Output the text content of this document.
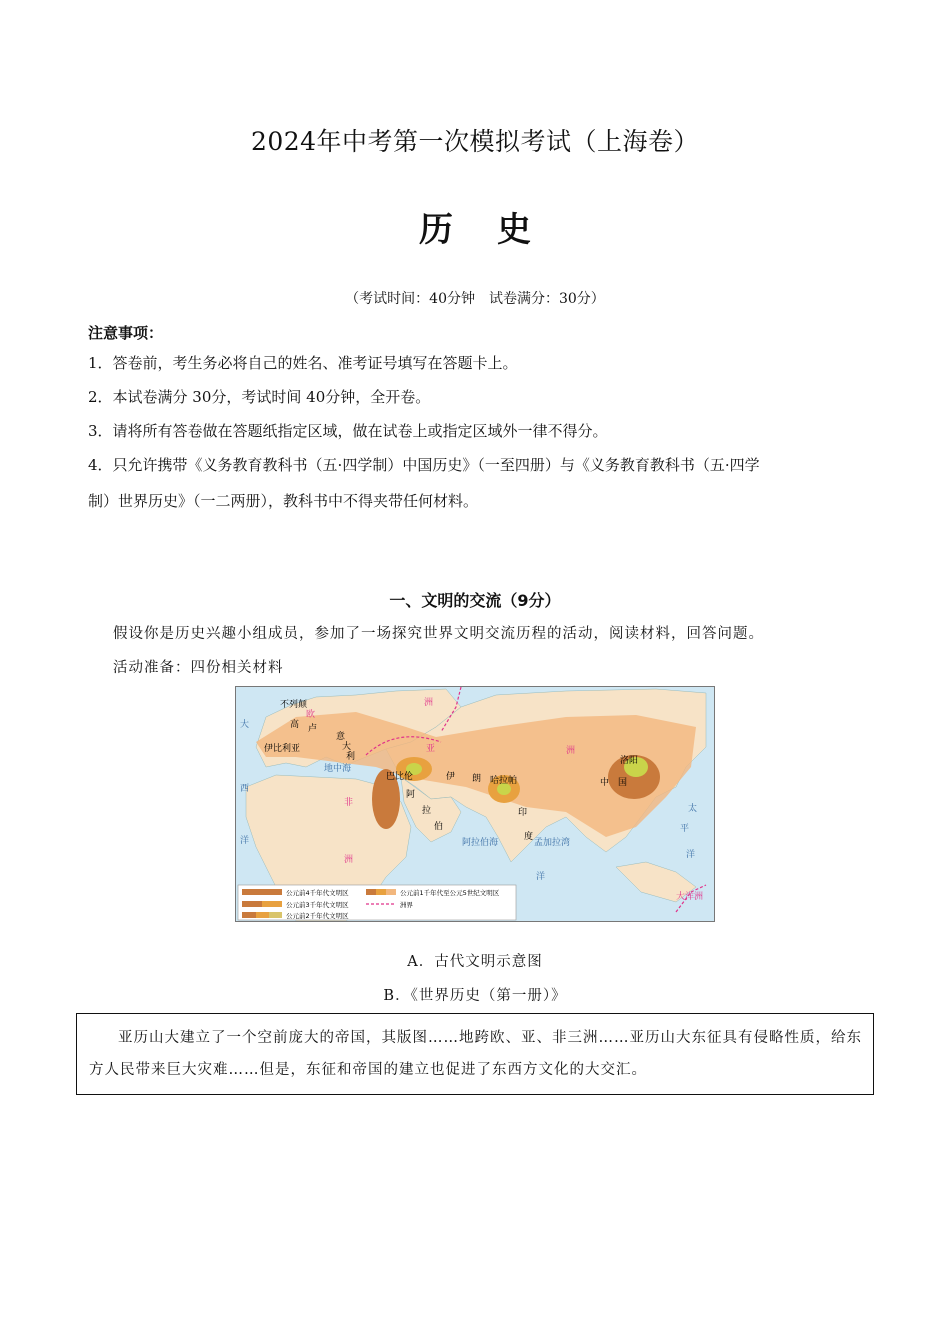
2024年中考第一次模拟考试（上海卷）
历史
（考试时间：40分钟　试卷满分：30分）
注意事项：
1．答卷前，考生务必将自己的姓名、准考证号填写在答题卡上。
2．本试卷满分 30分，考试时间 40分钟，全开卷。
3．请将所有答卷做在答题纸指定区域，做在试卷上或指定区域外一律不得分。
4．只允许携带《义务教育教科书（五·四学制）中国历史》（一至四册）与《义务教育教科书（五·四学
制）世界历史》（一二两册），教科书中不得夹带任何材料。
一、文明的交流（9分）
假设你是历史兴趣小组成员，参加了一场探究世界文明交流历程的活动，阅读材料，回答问题。
活动准备：四份相关材料
欧
洲
不列颠
高 卢
伊比利亚
意
大
利
亚	洲
伊 朗
非
洲
中　国
印
度
阿
拉
伯
阿拉伯海	孟加拉湾
大
西
洋
太
平
洋
洋
大洋洲
地中海
巴比伦	哈拉帕
洛阳
公元前4千年代文明区
公元前3千年代文明区
公元前2千年代文明区
公元前1千年代至公元5世纪文明区
洲界
A．古代文明示意图
B．《世界历史（第一册）》
亚历山大建立了一个空前庞大的帝国，其版图……地跨欧、亚、非三洲……亚历山大东征具有侵略性质，给东方人民带来巨大灾难……但是，东征和帝国的建立也促进了东西方文化的大交汇。
